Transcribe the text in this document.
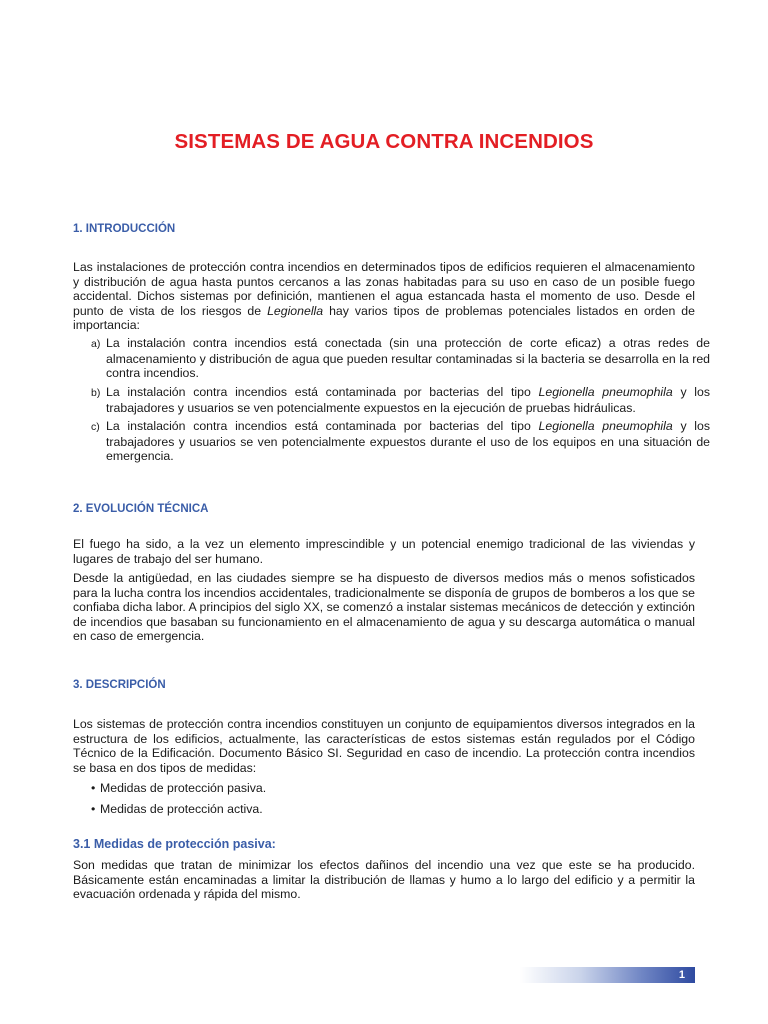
SISTEMAS DE AGUA CONTRA INCENDIOS
1. INTRODUCCIÓN

Las instalaciones de protección contra incendios en determinados tipos de edificios requieren el almacenamiento y distribución de agua hasta puntos cercanos a las zonas habitadas para su uso en caso de un posible fuego accidental. Dichos sistemas por definición, mantienen el agua estancada hasta el momento de uso. Desde el punto de vista de los riesgos de Legionella hay varios tipos de problemas potenciales listados en orden de importancia:

a) La instalación contra incendios está conectada (sin una protección de corte eficaz) a otras redes de almacenamiento y distribución de agua que pueden resultar contaminadas si la bacteria se desarrolla en la red contra incendios.

b) La instalación contra incendios está contaminada por bacterias del tipo Legionella pneumophila y los trabajadores y usuarios se ven potencialmente expuestos en la ejecución de pruebas hidráulicas.

c) La instalación contra incendios está contaminada por bacterias del tipo Legionella pneumophila y los trabajadores y usuarios se ven potencialmente expuestos durante el uso de los equipos en una situación de emergencia.

2. EVOLUCIÓN TÉCNICA

El fuego ha sido, a la vez un elemento imprescindible y un potencial enemigo tradicional de las viviendas y lugares de trabajo del ser humano.

Desde la antigüedad, en las ciudades siempre se ha dispuesto de diversos medios más o menos sofisticados para la lucha contra los incendios accidentales, tradicionalmente se disponía de grupos de bomberos a los que se confiaba dicha labor. A principios del siglo XX, se comenzó a instalar sistemas mecánicos de detección y extinción de incendios que basaban su funcionamiento en el almacenamiento de agua y su descarga automática o manual en caso de emergencia.

3. DESCRIPCIÓN

Los sistemas de protección contra incendios constituyen un conjunto de equipamientos diversos integrados en la estructura de los edificios, actualmente, las características de estos sistemas están regulados por el Código Técnico de la Edificación. Documento Básico SI. Seguridad en caso de incendio. La protección contra incendios se basa en dos tipos de medidas:

• Medidas de protección pasiva.

• Medidas de protección activa.

3.1 Medidas de protección pasiva:

Son medidas que tratan de minimizar los efectos dañinos del incendio una vez que este se ha producido. Básicamente están encaminadas a limitar la distribución de llamas y humo a lo largo del edificio y a permitir la evacuación ordenada y rápida del mismo.

1
